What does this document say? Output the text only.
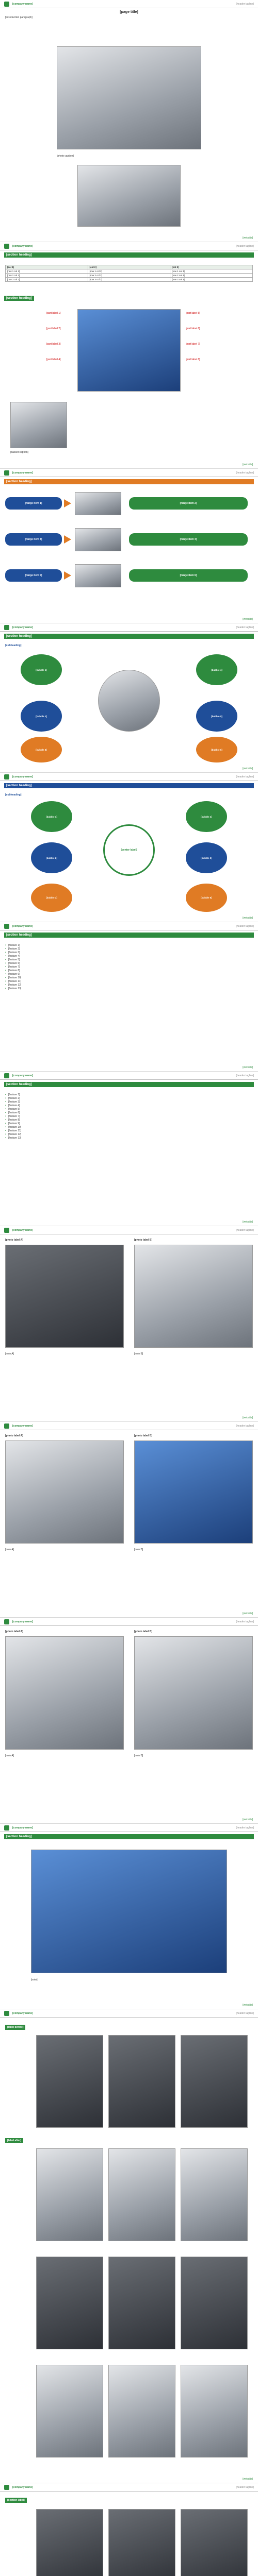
[company name]	[header tagline]
[page title]

[introduction paragraph]

[photo caption]
[website]
[company name]	[header tagline]
[section heading]
[col 1]	[col 2]	[col 3]
[row 1 col 1]	[row 1 col 2]	[row 1 col 3]
[row 2 col 1]	[row 2 col 2]	[row 2 col 3]
[row 3 col 1]	[row 3 col 2]	[row 3 col 3]
[section heading]
[part label 1]
[part label 2]
[part label 3]
[part label 4]
[part label 5]
[part label 6]
[part label 7]
[part label 8]
[basket caption]
[website]
[company name]	[header tagline]
[section heading]
[range item 1]	[range item 2]
[range item 3]	[range item 4]
[range item 5]	[range item 6]
[website]
[company name]	[header tagline]
[section heading]
[subheading]
[bubble 1]
[bubble 2]
[bubble 3]
[bubble 4]
[bubble 5]
[bubble 6]
[website]
[company name]	[header tagline]
[section heading]
[subheading]
[center label]
[bubble 1]
[bubble 2]
[bubble 3]
[bubble 4]
[bubble 5]
[bubble 6]
[website]
[company name]	[header tagline]
[section heading]
• [feature 1]
• [feature 2]
• [feature 3]
• [feature 4]
• [feature 5]
• [feature 6]
• [feature 7]
• [feature 8]
• [feature 9]
• [feature 10]
• [feature 11]
• [feature 12]
• [feature 13]
[website]
[company name]	[header tagline]
[section heading]
• [feature 1]
• [feature 2]
• [feature 3]
• [feature 4]
• [feature 5]
• [feature 6]
• [feature 7]
• [feature 8]
• [feature 9]
• [feature 10]
• [feature 11]
• [feature 12]
• [feature 13]
[website]
[company name]	[header tagline]
[photo label A]	[photo label B]
[note A]	[note B]
[website]
[company name]	[header tagline]
[photo label A]	[photo label B]
[note A]	[note B]
[website]
[company name]	[header tagline]
[photo label A]	[photo label B]
[note A]	[note B]
[website]
[company name]	[header tagline]
[section heading]
[note]
[website]
[company name]	[header tagline]
[label before]
[label after]
[website]
[company name]	[header tagline]
[section label]
